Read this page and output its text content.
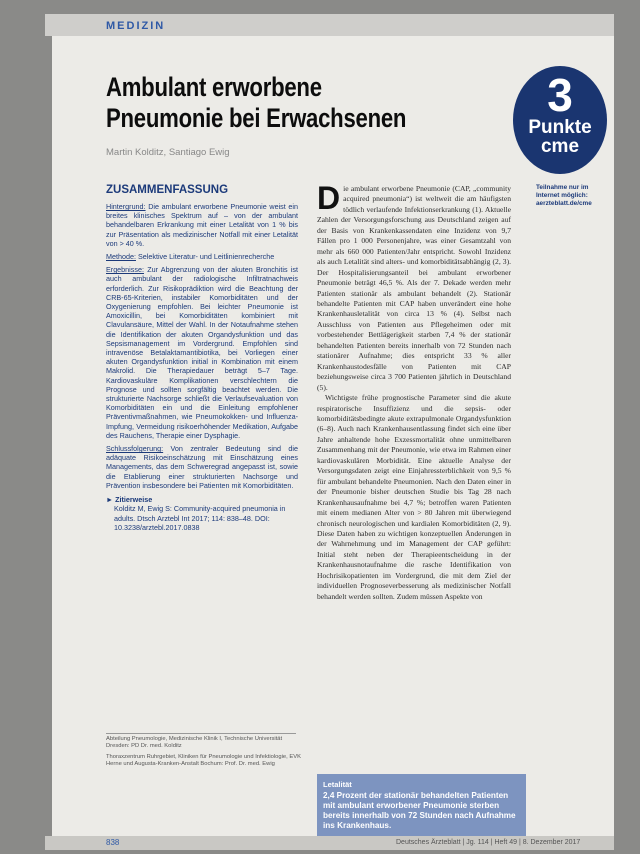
MEDIZIN
Ambulant erworbene Pneumonie bei Erwachsenen
Martin Kolditz, Santiago Ewig
3
Punkte
cme
ZUSAMMENFASSUNG

Hintergrund: Die ambulant erworbene Pneumonie weist ein breites klinisches Spektrum auf – von der ambulant behandelbaren Erkrankung mit einer Letalität von 1 % bis zur Präsentation als medizinischer Notfall mit einer Letalität von > 40 %.

Methode: Selektive Literatur- und Leitlinienrecherche

Ergebnisse: Zur Abgrenzung von der akuten Bronchitis ist auch ambulant der radiologische Infiltratnachweis erforderlich. Zur Risikoprädiktion wird die Beachtung der CRB-65-Kriterien, instabiler Komorbiditäten und der Oxygenierung empfohlen. Bei leichter Pneumonie ist Amoxicillin, bei Komorbiditäten kombiniert mit Clavulansäure, Mittel der Wahl. In der Notaufnahme stehen die Identifikation der akuten Organdysfunktion und das Sepsismanagement im Vordergrund. Empfohlen sind intravenöse Betalaktamantibiotika, bei Vorliegen einer akuten Organdysfunktion initial in Kombination mit einem Makrolid. Die Therapiedauer beträgt 5–7 Tage. Kardiovaskuläre Komplikationen verschlechtern die Prognose und sollten sorgfältig beachtet werden. Die strukturierte Nachsorge schließt die Verlaufsevaluation von Komorbiditäten ein und die Einleitung empfohlener Präventivmaßnahmen, wie Pneumokokken- und Influenza-Impfung, Vermeidung risikoerhöhender Medikation, Aufgabe des Rauchens, Therapie einer Dysphagie.

Schlussfolgerung: Von zentraler Bedeutung sind die adäquate Risikoeinschätzung mit Einschätzung eines Managements, das dem Schweregrad angepasst ist, sowie die Etablierung einer strukturierten Nachsorge und Prävention insbesondere bei Patienten mit Komorbiditäten.

► Zitierweise
Kolditz M, Ewig S: Community-acquired pneumonia in adults. Dtsch Arztebl Int 2017; 114: 838–48. DOI: 10.3238/arztebl.2017.0838

Die ambulant erworbene Pneumonie (CAP, „community acquired pneumonia“) ist weltweit die am häufigsten tödlich verlaufende Infektionserkrankung (1). Aktuelle Zahlen der Versorgungsforschung aus Deutschland zeigen auf der Basis von Krankenkassendaten eine Inzidenz von 9,7 Fällen pro 1 000 Personenjahre, was einer Gesamtzahl von mehr als 660 000 Patienten/Jahr entspricht. Sowohl Inzidenz als auch Letalität sind alters- und komorbiditätsabhängig (2, 3). Der Hospitalisierungsanteil bei ambulant erworbener Pneumonie beträgt 46,5 %. Als der 7. Dekade werden mehr Patienten stationär als ambulant behandelt (2). Stationär behandelte Patienten mit CAP haben unverändert eine hohe Krankenhausletalität von circa 13 % (4). Selbst nach Ausschluss von Patienten aus Pflegeheimen oder mit vorbestehender Bettlägerigkeit starben 7,4 % der stationär behandelten Patienten bereits innerhalb von 72 Stunden nach stationärer Aufnahme; dies entspricht 33 % aller Krankenhaustodesfälle von Patienten mit CAP beziehungsweise circa 3 700 Patienten jährlich in Deutschland (5).

Wichtigste frühe prognostische Parameter sind die akute respiratorische Insuffizienz und die sepsis- oder komorbiditätsbedingte akute extrapulmonale Organdysfunktion (6–8). Auch nach Krankenhausentlassung findet sich eine über Jahre anhaltende hohe Exzessmortalität ohne unmittelbaren Zusammenhang mit der Pneumonie, wie etwa im Rahmen einer kardiovaskulären Morbidität. Eine aktuelle Analyse der Versorgungsdaten zeigt eine Einjahressterblichkeit von 9,5 % für ambulant behandelte Pneumonien. Nach den Daten einer in der Pneumonie bisher deutschen Studie bis Tag 28 nach Krankenhausaufnahme bei 4,7 %; betroffen waren Patienten mit einem medianen Alter von > 80 Jahren mit überwiegend chronisch neurologischen und kardialen Komorbiditäten (2, 9). Diese Daten haben zu wichtigen konzeptuellen Änderungen in der Wahrnehmung und im Management der CAP geführt: Initial steht neben der Therapieentscheidung in der Krankenhausnotaufnahme die rasche Identifikation von Hochrisikopatienten im Vordergrund, die mit dem Ziel der individuellen Prognoseverbesserung als medizinischer Notfall behandelt werden sollten. Zudem müssen Aspekte von

Teilnahme nur im Internet möglich: aerzteblatt.de/cme

Abteilung Pneumologie, Medizinische Klinik I, Technische Universität Dresden: PD Dr. med. Kolditz

Thoraxzentrum Ruhrgebiet, Kliniken für Pneumologie und Infektiologie, EVK Herne und Augusta-Kranken-Anstalt Bochum: Prof. Dr. med. Ewig

Letalität
2,4 Prozent der stationär behandelten Patienten mit ambulant erworbener Pneumonie sterben bereits innerhalb von 72 Stunden nach Aufnahme ins Krankenhaus.
838	Deutsches Ärzteblatt | Jg. 114 | Heft 49 | 8. Dezember 2017
